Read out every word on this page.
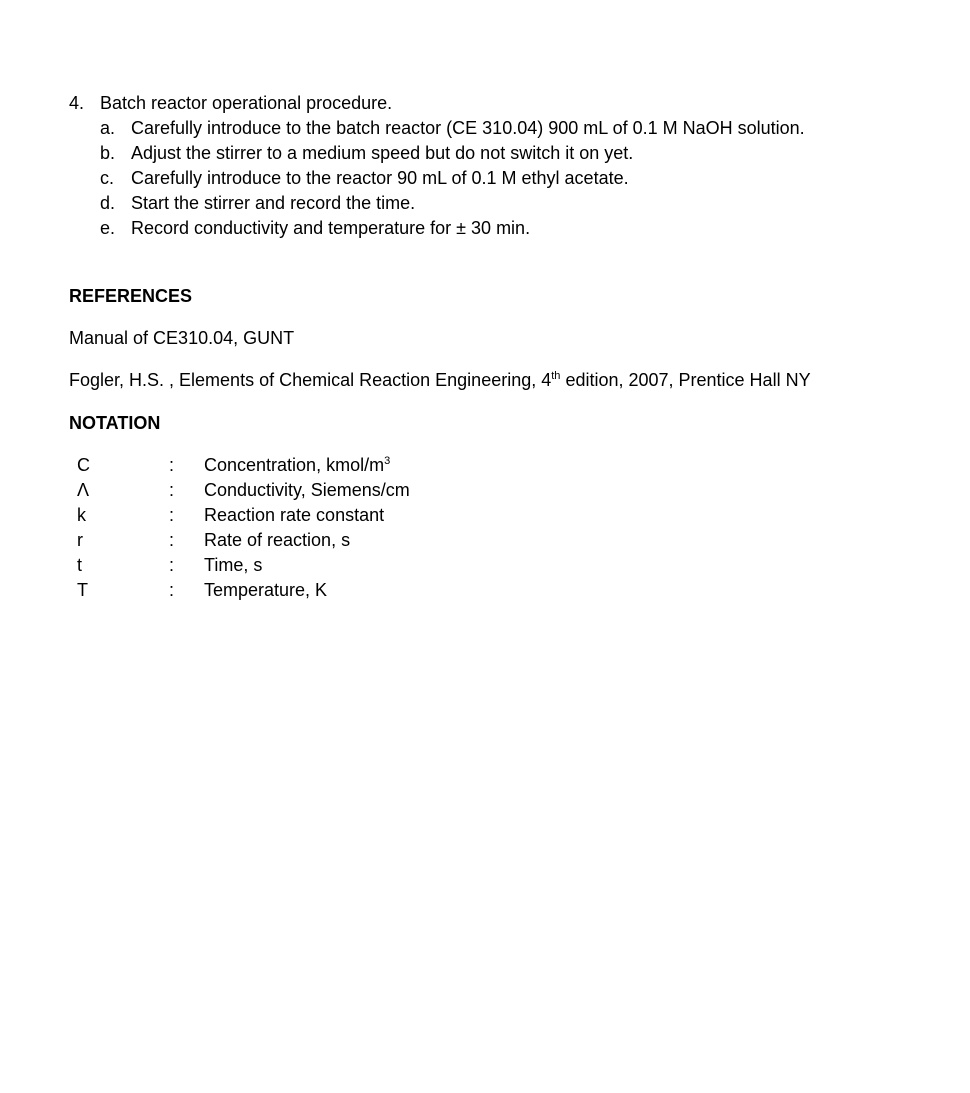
4. Batch reactor operational procedure.
a. Carefully introduce to the batch reactor (CE 310.04) 900 mL of 0.1 M NaOH solution.
b. Adjust the stirrer to a medium speed but do not switch it on yet.
c. Carefully introduce to the reactor 90 mL of 0.1 M ethyl acetate.
d. Start the stirrer and record the time.
e. Record conductivity and temperature for ± 30 min.
REFERENCES
Manual of CE310.04, GUNT
Fogler, H.S. , Elements of Chemical Reaction Engineering, 4th edition, 2007, Prentice Hall NY
NOTATION
C	:	Concentration, kmol/$m^3$
Λ	:	Conductivity, Siemens/cm
k	:	Reaction rate constant
r	:	Rate of reaction, s
t	:	Time, s
T	:	Temperature, K
